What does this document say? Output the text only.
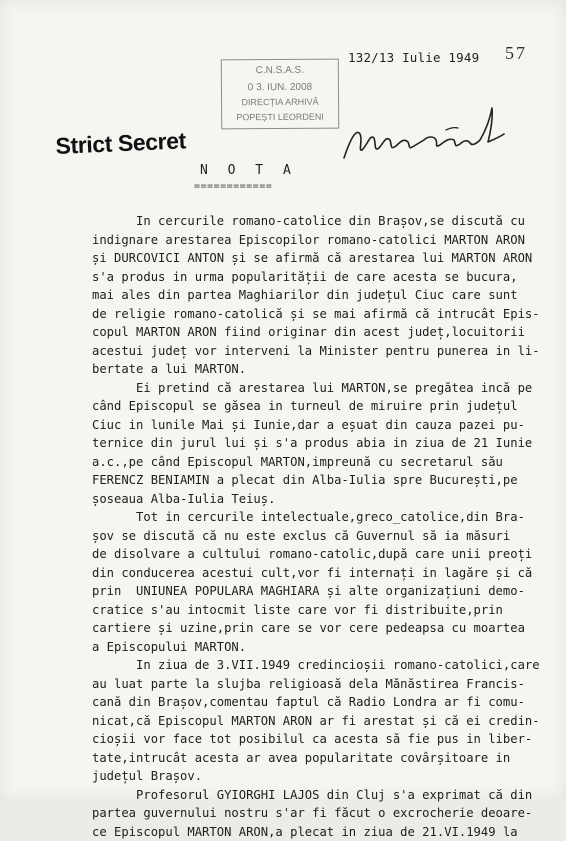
132/13 Iulie 1949 57
C.N.S.A.S.
0 3. IUN. 2008
DIRECȚIA ARHIVĂ
POPEȘTI LEORDENI
Strict Secret
N O T A
============
In cercurile romano-catolice din Brașov,se discută cu
indignare arestarea Episcopilor romano-catolici MARTON ARON
și DURCOVICI ANTON și se afirmă că arestarea lui MARTON ARON
s'a produs in urma popularității de care acesta se bucura,
mai ales din partea Maghiarilor din județul Ciuc care sunt
de religie romano-catolică și se mai afirmă că intrucât Epis-
copul MARTON ARON fiind originar din acest județ,locuitorii
acestui județ vor interveni la Minister pentru punerea in li-
bertate a lui MARTON.
Ei pretind că arestarea lui MARTON,se pregătea incă pe
când Episcopul se găsea in turneul de miruire prin județul
Ciuc in lunile Mai și Iunie,dar a eșuat din cauza pazei pu-
ternice din jurul lui și s'a produs abia in ziua de 21 Iunie
a.c.,pe când Episcopul MARTON,impreună cu secretarul său
FERENCZ BENIAMIN a plecat din Alba-Iulia spre București,pe
șoseaua Alba-Iulia Teiuș.
Tot in cercurile intelectuale,greco_catolice,din Bra-
șov se discută că nu este exclus că Guvernul să ia măsuri
de disolvare a cultului romano-catolic,după care unii preoți
din conducerea acestui cult,vor fi internați in lagăre și că
prin  UNIUNEA POPULARA MAGHIARA și alte organizațiuni demo-
cratice s'au intocmit liste care vor fi distribuite,prin
cartiere și uzine,prin care se vor cere pedeapsa cu moartea
a Episcopului MARTON.
In ziua de 3.VII.1949 credincioșii romano-catolici,care
au luat parte la slujba religioasă dela Mănăstirea Francis-
cană din Brașov,comentau faptul că Radio Londra ar fi comu-
nicat,că Episcopul MARTON ARON ar fi arestat și că ei credin-
cioșii vor face tot posibilul ca acesta să fie pus in liber-
tate,intrucât acesta ar avea popularitate covârșitoare in
județul Brașov.
Profesorul GYIORGHI LAJOS din Cluj s'a exprimat că din
partea guvernului nostru s'ar fi făcut o excrocherie deoare-
ce Episcopul MARTON ARON,a plecat in ziua de 21.VI.1949 la
